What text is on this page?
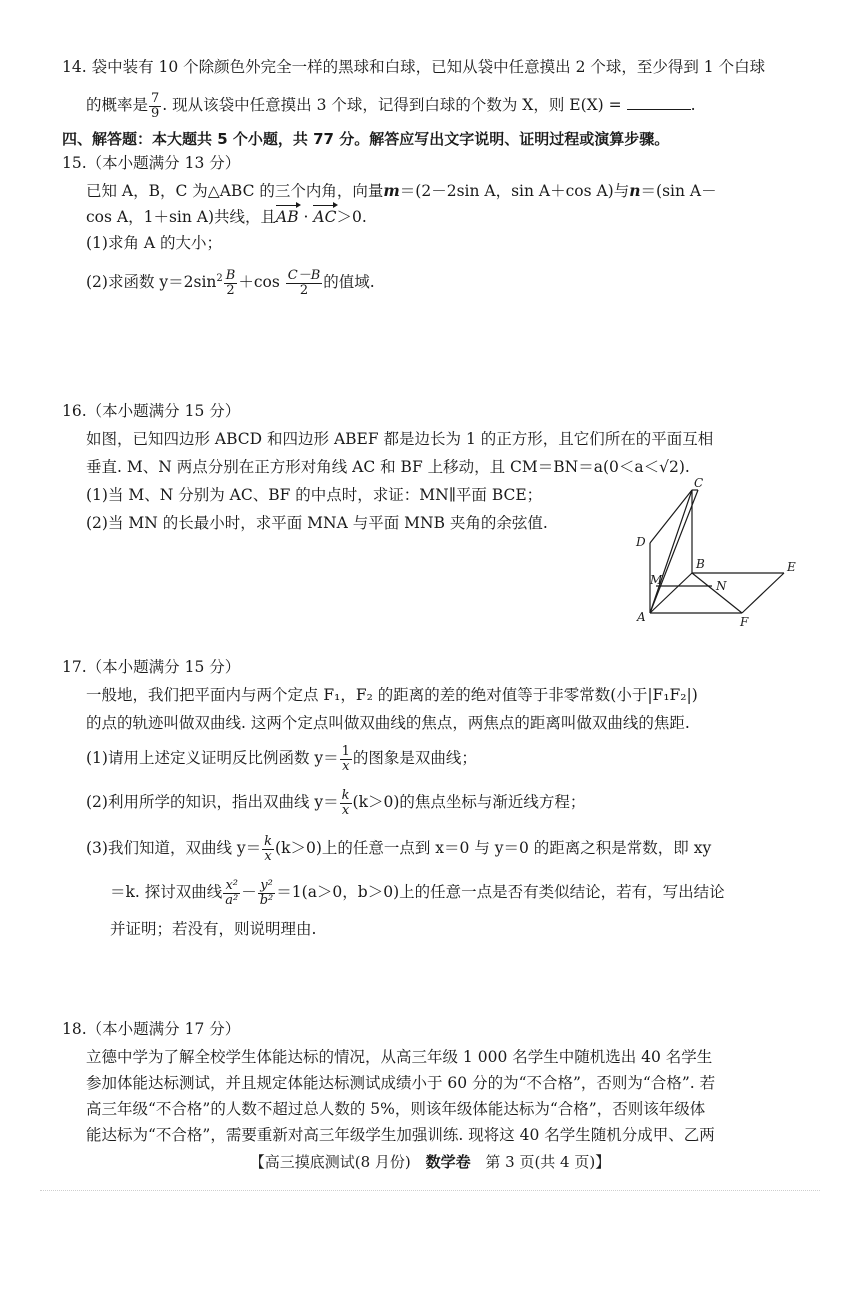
14. 袋中装有 10 个除颜色外完全一样的黑球和白球，已知从袋中任意摸出 2 个球，至少得到 1 个白球
的概率是 $\frac{7}{9}$ . 现从该袋中任意摸出 3 个球，记得到白球的个数为 X，则 E(X) =	.
四、解答题：本大题共 5 个小题，共 77 分。解答应写出文字说明、证明过程或演算步骤。
15.（本小题满分 13 分）
已知 A，B，C 为△ABC 的三个内角，向量m＝(2－2sin A，sin A＋cos A)与n＝(sin A－
cos A，1＋sin A)共线，且AB · AC＞0.
(1)求角 A 的大小；
(2)求函数 $y=2\sin^2 \frac{B}{2} +\cos \frac{C-B}{2}$ 的值域.
16.（本小题满分 15 分）
如图，已知四边形 ABCD 和四边形 ABEF 都是边长为 1 的正方形，且它们所在的平面互相
垂直. M、N 两点分别在正方形对角线 AC 和 BF 上移动，且 CM＝BN＝a(0＜a＜√2).
(1)当 M、N 分别为 AC、BF 的中点时，求证：MN∥平面 BCE；
(2)当 MN 的长最小时，求平面 MNA 与平面 MNB 夹角的余弦值.
C
D
B	E
M	N
A	F
17.（本小题满分 15 分）
一般地，我们把平面内与两个定点 F₁，F₂ 的距离的差的绝对值等于非零常数(小于|F₁F₂|)
的点的轨迹叫做双曲线. 这两个定点叫做双曲线的焦点，两焦点的距离叫做双曲线的焦距.
(1)请用上述定义证明反比例函数 $y= \frac{1}{x}$ 的图象是双曲线；
(2)利用所学的知识，指出双曲线 $y= \frac{k}{x} (k>0)$的焦点坐标与渐近线方程；
(3)我们知道，双曲线 $y= \frac{k}{x} (k>0)$上的任意一点到 x＝0 与 y＝0 的距离之积是常数，即 xy
＝k. 探讨双曲线 $\frac{\text{x²}}{\text{a²}} - \frac{\text{y²}}{\text{b²}} =1(a>0$，b＞0)上的任意一点是否有类似结论，若有，写出结论
并证明；若没有，则说明理由.
18.（本小题满分 17 分）
立德中学为了解全校学生体能达标的情况，从高三年级 1 000 名学生中随机选出 40 名学生
参加体能达标测试，并且规定体能达标测试成绩小于 60 分的为“不合格”，否则为“合格”. 若
高三年级“不合格”的人数不超过总人数的 5%，则该年级体能达标为“合格”，否则该年级体
能达标为“不合格”，需要重新对高三年级学生加强训练. 现将这 40 名学生随机分成甲、乙两
【高三摸底测试(8 月份) 数学卷 第 3 页(共 4 页)】
